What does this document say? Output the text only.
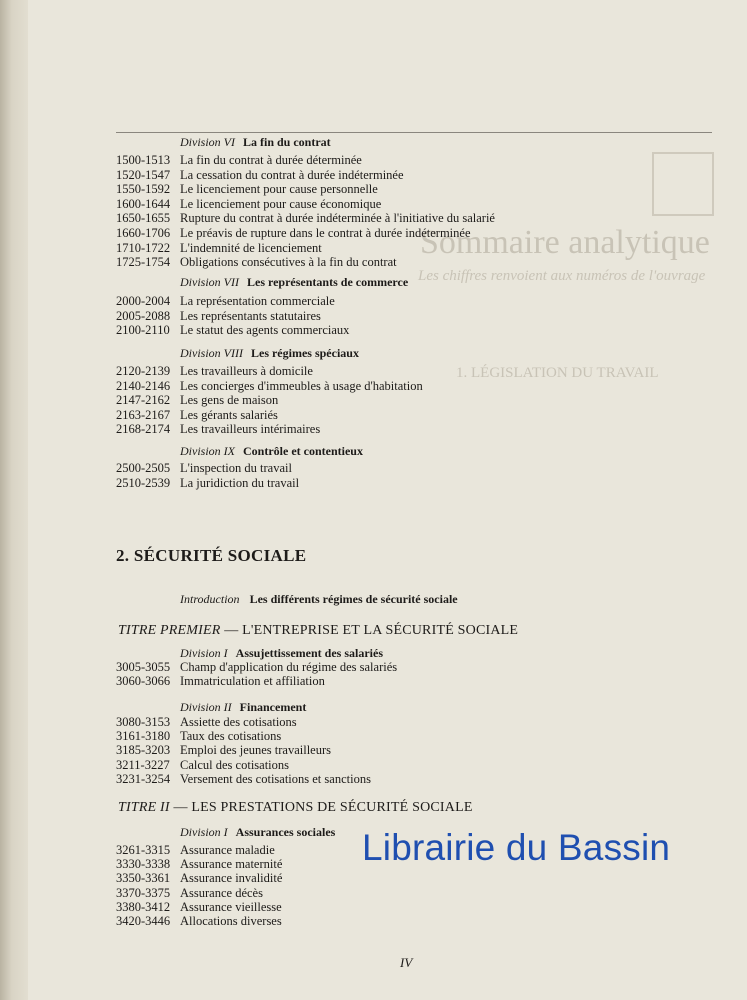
Sommaire analytique
Les chiffres renvoient aux numéros de l'ouvrage
1. LÉGISLATION DU TRAVAIL
Division VI La fin du contrat
1500-1513 La fin du contrat à durée déterminée
1520-1547 La cessation du contrat à durée indéterminée
1550-1592 Le licenciement pour cause personnelle
1600-1644 Le licenciement pour cause économique
1650-1655 Rupture du contrat à durée indéterminée à l'initiative du salarié
1660-1706 Le préavis de rupture dans le contrat à durée indéterminée
1710-1722 L'indemnité de licenciement
1725-1754 Obligations consécutives à la fin du contrat
Division VII Les représentants de commerce
2000-2004 La représentation commerciale
2005-2088 Les représentants statutaires
2100-2110 Le statut des agents commerciaux
Division VIII Les régimes spéciaux
2120-2139 Les travailleurs à domicile
2140-2146 Les concierges d'immeubles à usage d'habitation
2147-2162 Les gens de maison
2163-2167 Les gérants salariés
2168-2174 Les travailleurs intérimaires
Division IX Contrôle et contentieux
2500-2505 L'inspection du travail
2510-2539 La juridiction du travail
2. SÉCURITÉ SOCIALE
Introduction Les différents régimes de sécurité sociale
TITRE PREMIER — L'ENTREPRISE ET LA SÉCURITÉ SOCIALE
Division I Assujettissement des salariés
3005-3055 Champ d'application du régime des salariés
3060-3066 Immatriculation et affiliation
Division II Financement
3080-3153 Assiette des cotisations
3161-3180 Taux des cotisations
3185-3203 Emploi des jeunes travailleurs
3211-3227 Calcul des cotisations
3231-3254 Versement des cotisations et sanctions
TITRE II — LES PRESTATIONS DE SÉCURITÉ SOCIALE
Division I Assurances sociales
3261-3315 Assurance maladie
3330-3338 Assurance maternité
3350-3361 Assurance invalidité
3370-3375 Assurance décès
3380-3412 Assurance vieillesse
3420-3446 Allocations diverses
Librairie du Bassin
IV
